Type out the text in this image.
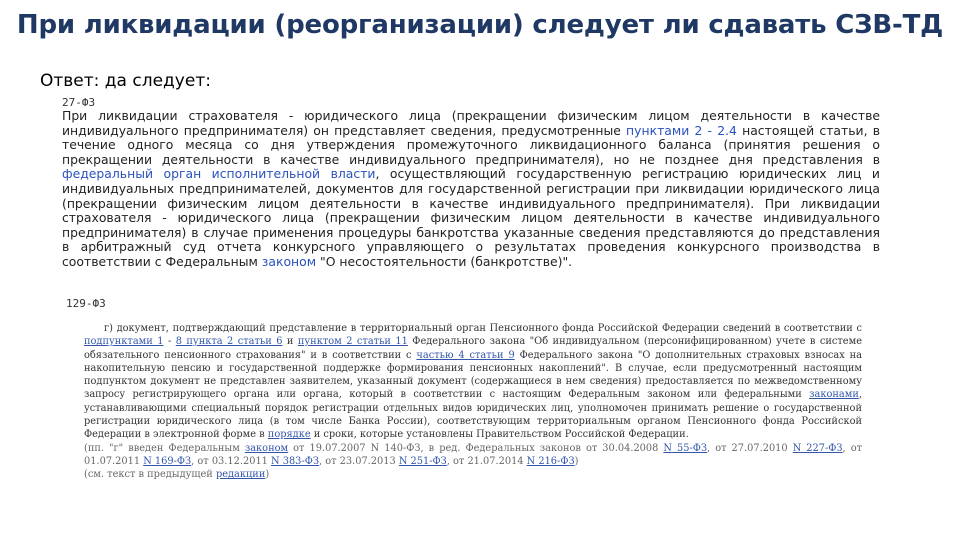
При ликвидации (реорганизации) следует ли сдавать СЗВ-ТД
Ответ: да следует:
27-ФЗ
При ликвидации страхователя - юридического лица (прекращении физическим лицом деятельности в качестве индивидуального предпринимателя) он представляет сведения, предусмотренные пунктами 2 - 2.4 настоящей статьи, в течение одного месяца со дня утверждения промежуточного ликвидационного баланса (принятия решения о прекращении деятельности в качестве индивидуального предпринимателя), но не позднее дня представления в федеральный орган исполнительной власти, осуществляющий государственную регистрацию юридических лиц и индивидуальных предпринимателей, документов для государственной регистрации при ликвидации юридического лица (прекращении физическим лицом деятельности в качестве индивидуального предпринимателя). При ликвидации страхователя - юридического лица (прекращении физическим лицом деятельности в качестве индивидуального предпринимателя) в случае применения процедуры банкротства указанные сведения представляются до представления в арбитражный суд отчета конкурсного управляющего о результатах проведения конкурсного производства в соответствии с Федеральным законом "О несостоятельности (банкротстве)".
129-ФЗ

г) документ, подтверждающий представление в территориальный орган Пенсионного фонда Российской Федерации сведений в соответствии с подпунктами 1 - 8 пункта 2 статьи 6 и пунктом 2 статьи 11 Федерального закона "Об индивидуальном (персонифицированном) учете в системе обязательного пенсионного страхования" и в соответствии с частью 4 статьи 9 Федерального закона "О дополнительных страховых взносах на накопительную пенсию и государственной поддержке формирования пенсионных накоплений". В случае, если предусмотренный настоящим подпунктом документ не представлен заявителем, указанный документ (содержащиеся в нем сведения) предоставляется по межведомственному запросу регистрирующего органа или органа, который в соответствии с настоящим Федеральным законом или федеральными законами, устанавливающими специальный порядок регистрации отдельных видов юридических лиц, уполномочен принимать решение о государственной регистрации юридического лица (в том числе Банка России), соответствующим территориальным органом Пенсионного фонда Российской Федерации в электронной форме в порядке и сроки, которые установлены Правительством Российской Федерации.

(пп. "г" введен Федеральным законом от 19.07.2007 N 140-ФЗ, в ред. Федеральных законов от 30.04.2008 N 55-ФЗ, от 27.07.2010 N 227-ФЗ, от 01.07.2011 N 169-ФЗ, от 03.12.2011 N 383-ФЗ, от 23.07.2013 N 251-ФЗ, от 21.07.2014 N 216-ФЗ)

(см. текст в предыдущей редакции)
